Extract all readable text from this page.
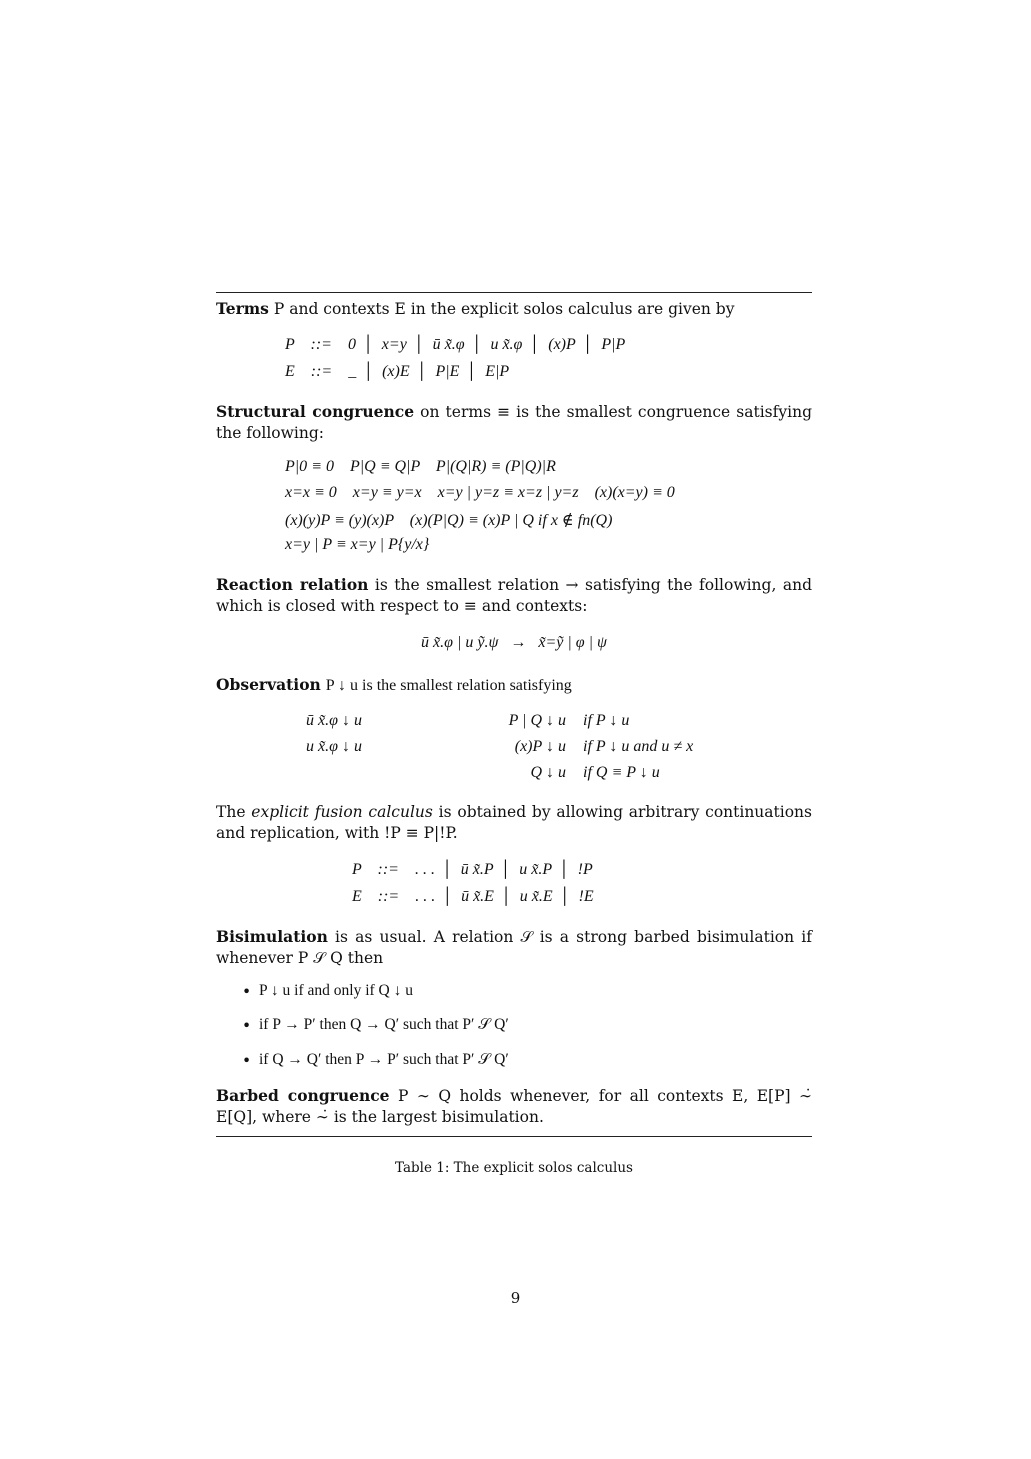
Terms P and contexts E in the explicit solos calculus are given by
P    ::=    0  │  x=y  │  ū x̃.φ  │  u x̃.φ  │  (x)P  │  P|P
E    ::=    _  │  (x)E  │  P|E  │  E|P
Structural congruence on terms ≡ is the smallest congruence satisfying the following:
P|0 ≡ 0    P|Q ≡ Q|P    P|(Q|R) ≡ (P|Q)|R
x=x ≡ 0    x=y ≡ y=x    x=y | y=z ≡ x=z | y=z    (x)(x=y) ≡ 0
(x)(y)P ≡ (y)(x)P    (x)(P|Q) ≡ (x)P | Q if x ∉ fn(Q)
x=y | P ≡ x=y | P{y/x}
Reaction relation is the smallest relation → satisfying the following, and which is closed with respect to ≡ and contexts:
ū x̃.φ | u ỹ.ψ   →   x̃=ỹ | φ | ψ
Observation P ↓ u is the smallest relation satisfying
ū x̃.φ ↓ u
u x̃.φ ↓ u
P | Q ↓ u
(x)P ↓ u
Q ↓ u
if P ↓ u
if P ↓ u and u ≠ x
if Q ≡ P ↓ u
The explicit fusion calculus is obtained by allowing arbitrary continuations and replication, with !P ≡ P|!P.
P    ::=    . . .  │  ū x̃.P  │  u x̃.P  │  !P
E    ::=    . . .  │  ū x̃.E  │  u x̃.E  │  !E
Bisimulation is as usual. A relation 𝒮 is a strong barbed bisimulation if whenever P 𝒮 Q then
• P ↓ u if and only if Q ↓ u
• if P → P′ then Q → Q′ such that P′ 𝒮 Q′
• if Q → Q′ then P → P′ such that P′ 𝒮 Q′
Barbed congruence P ∼ Q holds whenever, for all contexts E, E[P] ∼̇ E[Q], where ∼̇ is the largest bisimulation.
Table 1: The explicit solos calculus
9
